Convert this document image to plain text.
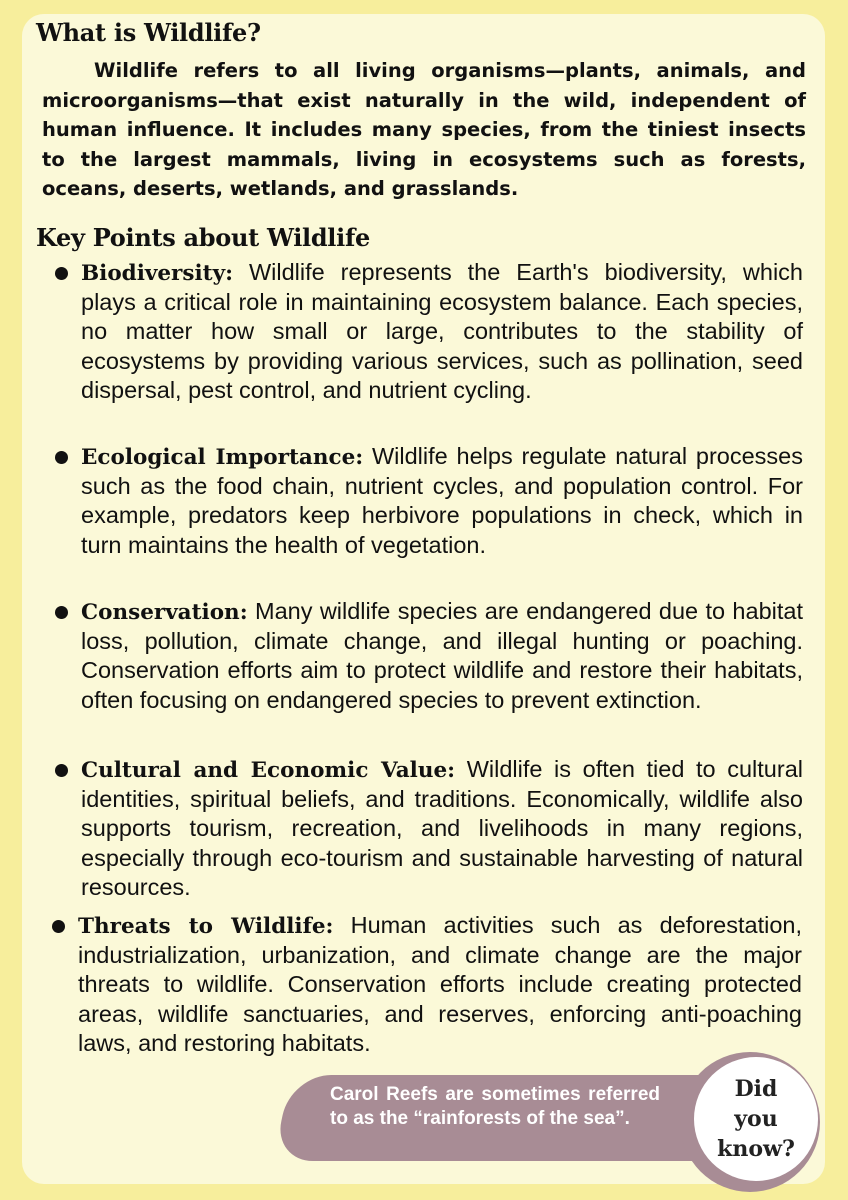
What is Wildlife?

Wildlife refers to all living organisms—plants, animals, and microorganisms—that exist naturally in the wild, independent of human influence. It includes many species, from the tiniest insects to the largest mammals, living in ecosystems such as forests, oceans, deserts, wetlands, and grasslands.

Key Points about Wildlife

Biodiversity: Wildlife represents the Earth's biodiversity, which plays a critical role in maintaining ecosystem balance. Each species, no matter how small or large, contributes to the stability of ecosystems by providing various services, such as pollination, seed dispersal, pest control, and nutrient cycling.

Ecological Importance: Wildlife helps regulate natural processes such as the food chain, nutrient cycles, and population control. For example, predators keep herbivore populations in check, which in turn maintains the health of vegetation.

Conservation: Many wildlife species are endangered due to habitat loss, pollution, climate change, and illegal hunting or poaching. Conservation efforts aim to protect wildlife and restore their habitats, often focusing on endangered species to prevent extinction.

Cultural and Economic Value: Wildlife is often tied to cultural identities, spiritual beliefs, and traditions. Economically, wildlife also supports tourism, recreation, and livelihoods in many regions, especially through eco-tourism and sustainable harvesting of natural resources.

Threats to Wildlife: Human activities such as deforestation, industrialization, urbanization, and climate change are the major threats to wildlife. Conservation efforts include creating protected areas, wildlife sanctuaries, and reserves, enforcing anti-poaching laws, and restoring habitats.

Carol Reefs are sometimes referred to as the “rainforests of the sea”.

Did
you
know?
